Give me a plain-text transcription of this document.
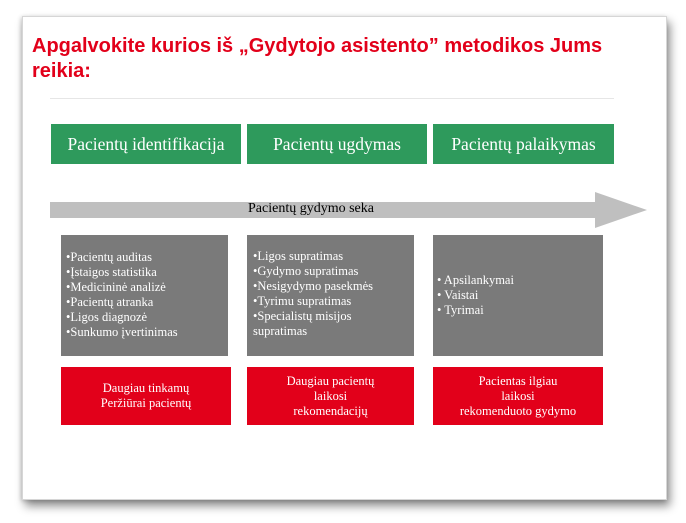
Apgalvokite kurios iš „Gydytojo asistento” metodikos Jums reikia:
Pacientų identifikacija	Pacientų ugdymas	Pacientų palaikymas
Pacientų gydymo seka
•Pacientų auditas
•Įstaigos statistika
•Medicininė analizė
•Pacientų atranka
•Ligos diagnozė
•Sunkumo įvertinimas
•Ligos supratimas
•Gydymo supratimas
•Nesigydymo pasekmės
•Tyrimu supratimas
•Specialistų misijos
supratimas
• Apsilankymai
• Vaistai
• Tyrimai
Daugiau tinkamų
Peržiūrai pacientų
Daugiau pacientų
laikosi
rekomendacijų
Pacientas ilgiau
laikosi
rekomenduoto gydymo
